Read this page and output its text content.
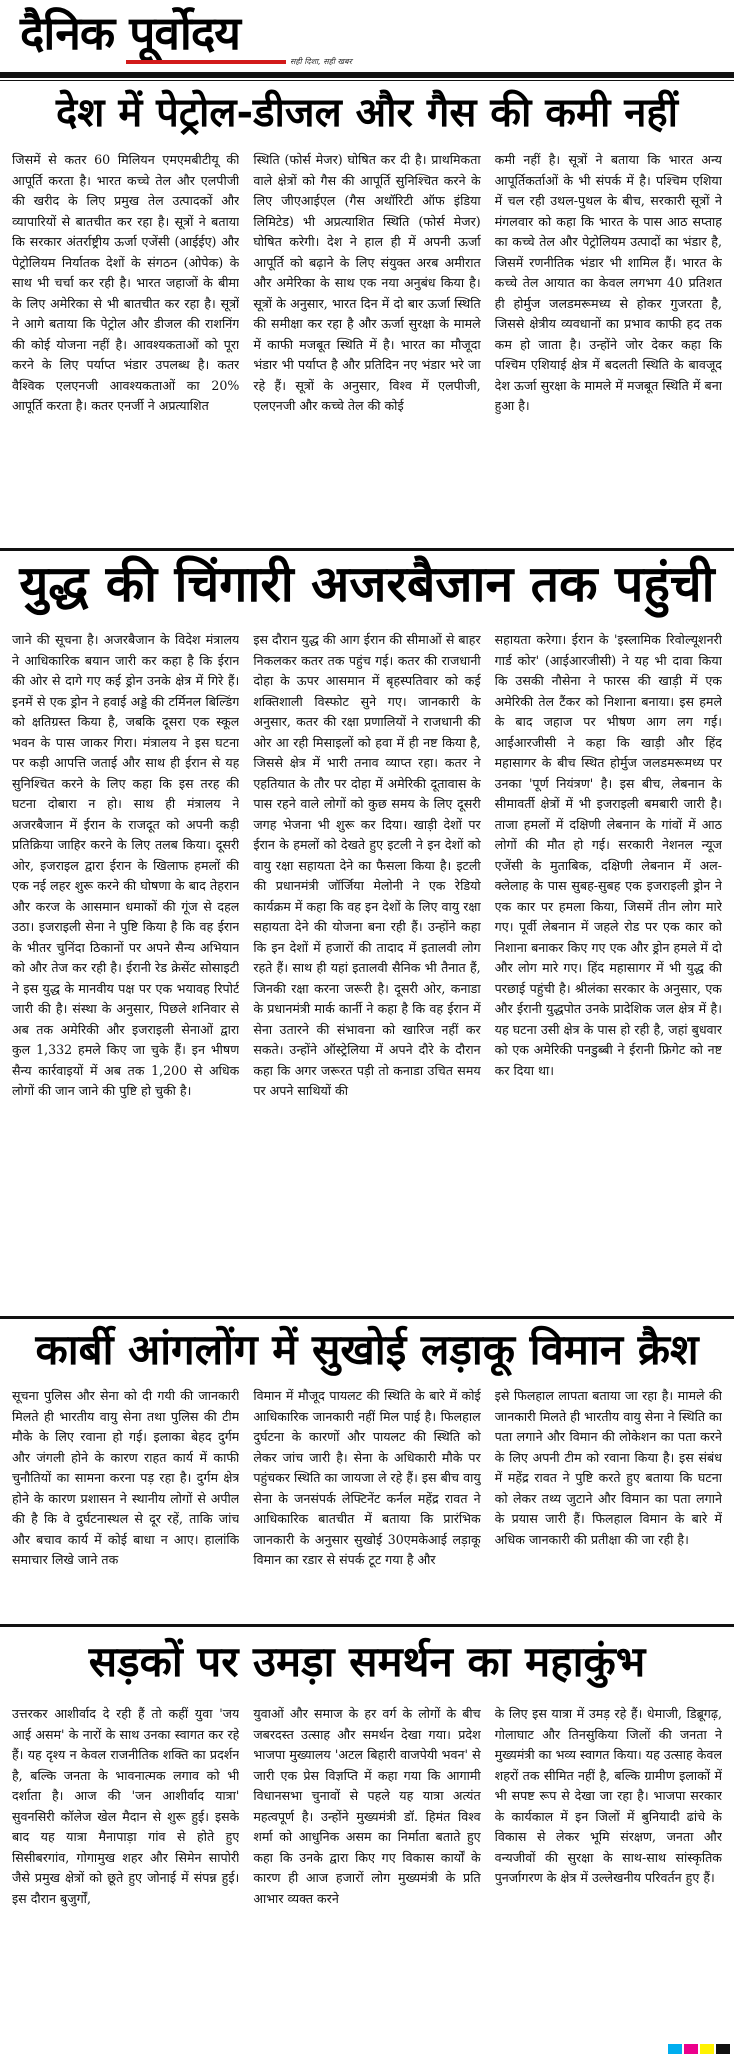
दैनिक पूर्वोदय
सही दिशा, सही खबर
देश में पेट्रोल-डीजल और गैस की कमी नहीं

जिसमें से कतर 60 मिलियन एमएमबीटीयू की आपूर्ति करता है। भारत कच्चे तेल और एलपीजी की खरीद के लिए प्रमुख तेल उत्पादकों और व्यापारियों से बातचीत कर रहा है। सूत्रों ने बताया कि सरकार अंतर्राष्ट्रीय ऊर्जा एजेंसी (आईईए) और पेट्रोलियम निर्यातक देशों के संगठन (ओपेक) के साथ भी चर्चा कर रही है। भारत जहाजों के बीमा के लिए अमेरिका से भी बातचीत कर रहा है। सूत्रों ने आगे बताया कि पेट्रोल और डीजल की राशनिंग की कोई योजना नहीं है। आवश्यकताओं को पूरा करने के लिए पर्याप्त भंडार उपलब्ध है। कतर वैश्विक एलएनजी आवश्यकताओं का 20% आपूर्ति करता है। कतर एनर्जी ने अप्रत्याशित

स्थिति (फोर्स मेजर) घोषित कर दी है। प्राथमिकता वाले क्षेत्रों को गैस की आपूर्ति सुनिश्चित करने के लिए जीएआईएल (गैस अथॉरिटी ऑफ इंडिया लिमिटेड) भी अप्रत्याशित स्थिति (फोर्स मेजर) घोषित करेगी। देश ने हाल ही में अपनी ऊर्जा आपूर्ति को बढ़ाने के लिए संयुक्त अरब अमीरात और अमेरिका के साथ एक नया अनुबंध किया है। सूत्रों के अनुसार, भारत दिन में दो बार ऊर्जा स्थिति की समीक्षा कर रहा है और ऊर्जा सुरक्षा के मामले में काफी मजबूत स्थिति में है। भारत का मौजूदा भंडार भी पर्याप्त है और प्रतिदिन नए भंडार भरे जा रहे हैं। सूत्रों के अनुसार, विश्व में एलपीजी, एलएनजी और कच्चे तेल की कोई

कमी नहीं है। सूत्रों ने बताया कि भारत अन्य आपूर्तिकर्ताओं के भी संपर्क में है। पश्चिम एशिया में चल रही उथल-पुथल के बीच, सरकारी सूत्रों ने मंगलवार को कहा कि भारत के पास आठ सप्ताह का कच्चे तेल और पेट्रोलियम उत्पादों का भंडार है, जिसमें रणनीतिक भंडार भी शामिल हैं। भारत के कच्चे तेल आयात का केवल लगभग 40 प्रतिशत ही होर्मुज जलडमरूमध्य से होकर गुजरता है, जिससे क्षेत्रीय व्यवधानों का प्रभाव काफी हद तक कम हो जाता है। उन्होंने जोर देकर कहा कि पश्चिम एशियाई क्षेत्र में बदलती स्थिति के बावजूद देश ऊर्जा सुरक्षा के मामले में मजबूत स्थिति में बना हुआ है।

युद्ध की चिंगारी अजरबैजान तक पहुंची

जाने की सूचना है। अजरबैजान के विदेश मंत्रालय ने आधिकारिक बयान जारी कर कहा है कि ईरान की ओर से दागे गए कई ड्रोन उनके क्षेत्र में गिरे हैं। इनमें से एक ड्रोन ने हवाई अड्डे की टर्मिनल बिल्डिंग को क्षतिग्रस्त किया है, जबकि दूसरा एक स्कूल भवन के पास जाकर गिरा। मंत्रालय ने इस घटना पर कड़ी आपत्ति जताई और साथ ही ईरान से यह सुनिश्चित करने के लिए कहा कि इस तरह की घटना दोबारा न हो। साथ ही मंत्रालय ने अजरबैजान में ईरान के राजदूत को अपनी कड़ी प्रतिक्रिया जाहिर करने के लिए तलब किया। दूसरी ओर, इजराइल द्वारा ईरान के खिलाफ हमलों की एक नई लहर शुरू करने की घोषणा के बाद तेहरान और करज के आसमान धमाकों की गूंज से दहल उठा। इजराइली सेना ने पुष्टि किया है कि वह ईरान के भीतर चुनिंदा ठिकानों पर अपने सैन्य अभियान को और तेज कर रही है। ईरानी रेड क्रेसेंट सोसाइटी ने इस युद्ध के मानवीय पक्ष पर एक भयावह रिपोर्ट जारी की है। संस्था के अनुसार, पिछले शनिवार से अब तक अमेरिकी और इजराइली सेनाओं द्वारा कुल 1,332 हमले किए जा चुके हैं। इन भीषण सैन्य कार्रवाइयों में अब तक 1,200 से अधिक लोगों की जान जाने की पुष्टि हो चुकी है।

इस दौरान युद्ध की आग ईरान की सीमाओं से बाहर निकलकर कतर तक पहुंच गई। कतर की राजधानी दोहा के ऊपर आसमान में बृहस्पतिवार को कई शक्तिशाली विस्फोट सुने गए। जानकारी के अनुसार, कतर की रक्षा प्रणालियों ने राजधानी की ओर आ रही मिसाइलों को हवा में ही नष्ट किया है, जिससे क्षेत्र में भारी तनाव व्याप्त रहा। कतर ने एहतियात के तौर पर दोहा में अमेरिकी दूतावास के पास रहने वाले लोगों को कुछ समय के लिए दूसरी जगह भेजना भी शुरू कर दिया। खाड़ी देशों पर ईरान के हमलों को देखते हुए इटली ने इन देशों को वायु रक्षा सहायता देने का फैसला किया है। इटली की प्रधानमंत्री जॉर्जिया मेलोनी ने एक रेडियो कार्यक्रम में कहा कि वह इन देशों के लिए वायु रक्षा सहायता देने की योजना बना रही हैं। उन्होंने कहा कि इन देशों में हजारों की तादाद में इतालवी लोग रहते हैं। साथ ही यहां इतालवी सैनिक भी तैनात हैं, जिनकी रक्षा करना जरूरी है। दूसरी ओर, कनाडा के प्रधानमंत्री मार्क कार्नी ने कहा है कि वह ईरान में सेना उतारने की संभावना को खारिज नहीं कर सकते। उन्होंने ऑस्ट्रेलिया में अपने दौरे के दौरान कहा कि अगर जरूरत पड़ी तो कनाडा उचित समय पर अपने साथियों की

सहायता करेगा। ईरान के 'इस्लामिक रिवोल्यूशनरी गार्ड कोर' (आईआरजीसी) ने यह भी दावा किया कि उसकी नौसेना ने फारस की खाड़ी में एक अमेरिकी तेल टैंकर को निशाना बनाया। इस हमले के बाद जहाज पर भीषण आग लग गई। आईआरजीसी ने कहा कि खाड़ी और हिंद महासागर के बीच स्थित होर्मुज जलडमरूमध्य पर उनका 'पूर्ण नियंत्रण' है। इस बीच, लेबनान के सीमावर्ती क्षेत्रों में भी इजराइली बमबारी जारी है। ताजा हमलों में दक्षिणी लेबनान के गांवों में आठ लोगों की मौत हो गई। सरकारी नेशनल न्यूज एजेंसी के मुताबिक, दक्षिणी लेबनान में अल-क्लेलाह के पास सुबह-सुबह एक इजराइली ड्रोन ने एक कार पर हमला किया, जिसमें तीन लोग मारे गए। पूर्वी लेबनान में जहले रोड पर एक कार को निशाना बनाकर किए गए एक और ड्रोन हमले में दो और लोग मारे गए। हिंद महासागर में भी युद्ध की परछाई पहुंची है। श्रीलंका सरकार के अनुसार, एक और ईरानी युद्धपोत उनके प्रादेशिक जल क्षेत्र में है। यह घटना उसी क्षेत्र के पास हो रही है, जहां बुधवार को एक अमेरिकी पनडुब्बी ने ईरानी फ्रिगेट को नष्ट कर दिया था।

कार्बी आंगलोंग में सुखोई लड़ाकू विमान क्रैश

सूचना पुलिस और सेना को दी गयी की जानकारी मिलते ही भारतीय वायु सेना तथा पुलिस की टीम मौके के लिए रवाना हो गई। इलाका बेहद दुर्गम और जंगली होने के कारण राहत कार्य में काफी चुनौतियों का सामना करना पड़ रहा है। दुर्गम क्षेत्र होने के कारण प्रशासन ने स्थानीय लोगों से अपील की है कि वे दुर्घटनास्थल से दूर रहें, ताकि जांच और बचाव कार्य में कोई बाधा न आए। हालांकि समाचार लिखे जाने तक

विमान में मौजूद पायलट की स्थिति के बारे में कोई आधिकारिक जानकारी नहीं मिल पाई है। फिलहाल दुर्घटना के कारणों और पायलट की स्थिति को लेकर जांच जारी है। सेना के अधिकारी मौके पर पहुंचकर स्थिति का जायजा ले रहे हैं। इस बीच वायु सेना के जनसंपर्क लेफ्टिनेंट कर्नल महेंद्र रावत ने आधिकारिक बातचीत में बताया कि प्रारंभिक जानकारी के अनुसार सुखोई 30एमकेआई लड़ाकू विमान का रडार से संपर्क टूट गया है और

इसे फिलहाल लापता बताया जा रहा है। मामले की जानकारी मिलते ही भारतीय वायु सेना ने स्थिति का पता लगाने और विमान की लोकेशन का पता करने के लिए अपनी टीम को रवाना किया है। इस संबंध में महेंद्र रावत ने पुष्टि करते हुए बताया कि घटना को लेकर तथ्य जुटाने और विमान का पता लगाने के प्रयास जारी हैं। फिलहाल विमान के बारे में अधिक जानकारी की प्रतीक्षा की जा रही है।

सड़कों पर उमड़ा समर्थन का महाकुंभ

उत्तरकर आशीर्वाद दे रही हैं तो कहीं युवा 'जय आई असम' के नारों के साथ उनका स्वागत कर रहे हैं। यह दृश्य न केवल राजनीतिक शक्ति का प्रदर्शन है, बल्कि जनता के भावनात्मक लगाव को भी दर्शाता है। आज की 'जन आशीर्वाद यात्रा' सुवनसिरी कॉलेज खेल मैदान से शुरू हुई। इसके बाद यह यात्रा मैनापाड़ा गांव से होते हुए सिसीबरगांव, गोगामुख शहर और सिमेन सापोरी जैसे प्रमुख क्षेत्रों को छूते हुए जोनाई में संपन्न हुई। इस दौरान बुजुर्गों,

युवाओं और समाज के हर वर्ग के लोगों के बीच जबरदस्त उत्साह और समर्थन देखा गया। प्रदेश भाजपा मुख्यालय 'अटल बिहारी वाजपेयी भवन' से जारी एक प्रेस विज्ञप्ति में कहा गया कि आगामी विधानसभा चुनावों से पहले यह यात्रा अत्यंत महत्वपूर्ण है। उन्होंने मुख्यमंत्री डॉ. हिमंत विश्व शर्मा को आधुनिक असम का निर्माता बताते हुए कहा कि उनके द्वारा किए गए विकास कार्यों के कारण ही आज हजारों लोग मुख्यमंत्री के प्रति आभार व्यक्त करने

के लिए इस यात्रा में उमड़ रहे हैं। धेमाजी, डिब्रूगढ़, गोलाघाट और तिनसुकिया जिलों की जनता ने मुख्यमंत्री का भव्य स्वागत किया। यह उत्साह केवल शहरों तक सीमित नहीं है, बल्कि ग्रामीण इलाकों में भी सपष्ट रूप से देखा जा रहा है। भाजपा सरकार के कार्यकाल में इन जिलों में बुनियादी ढांचे के विकास से लेकर भूमि संरक्षण, जनता और वन्यजीवों की सुरक्षा के साथ-साथ सांस्कृतिक पुनर्जागरण के क्षेत्र में उल्लेखनीय परिवर्तन हुए हैं।
